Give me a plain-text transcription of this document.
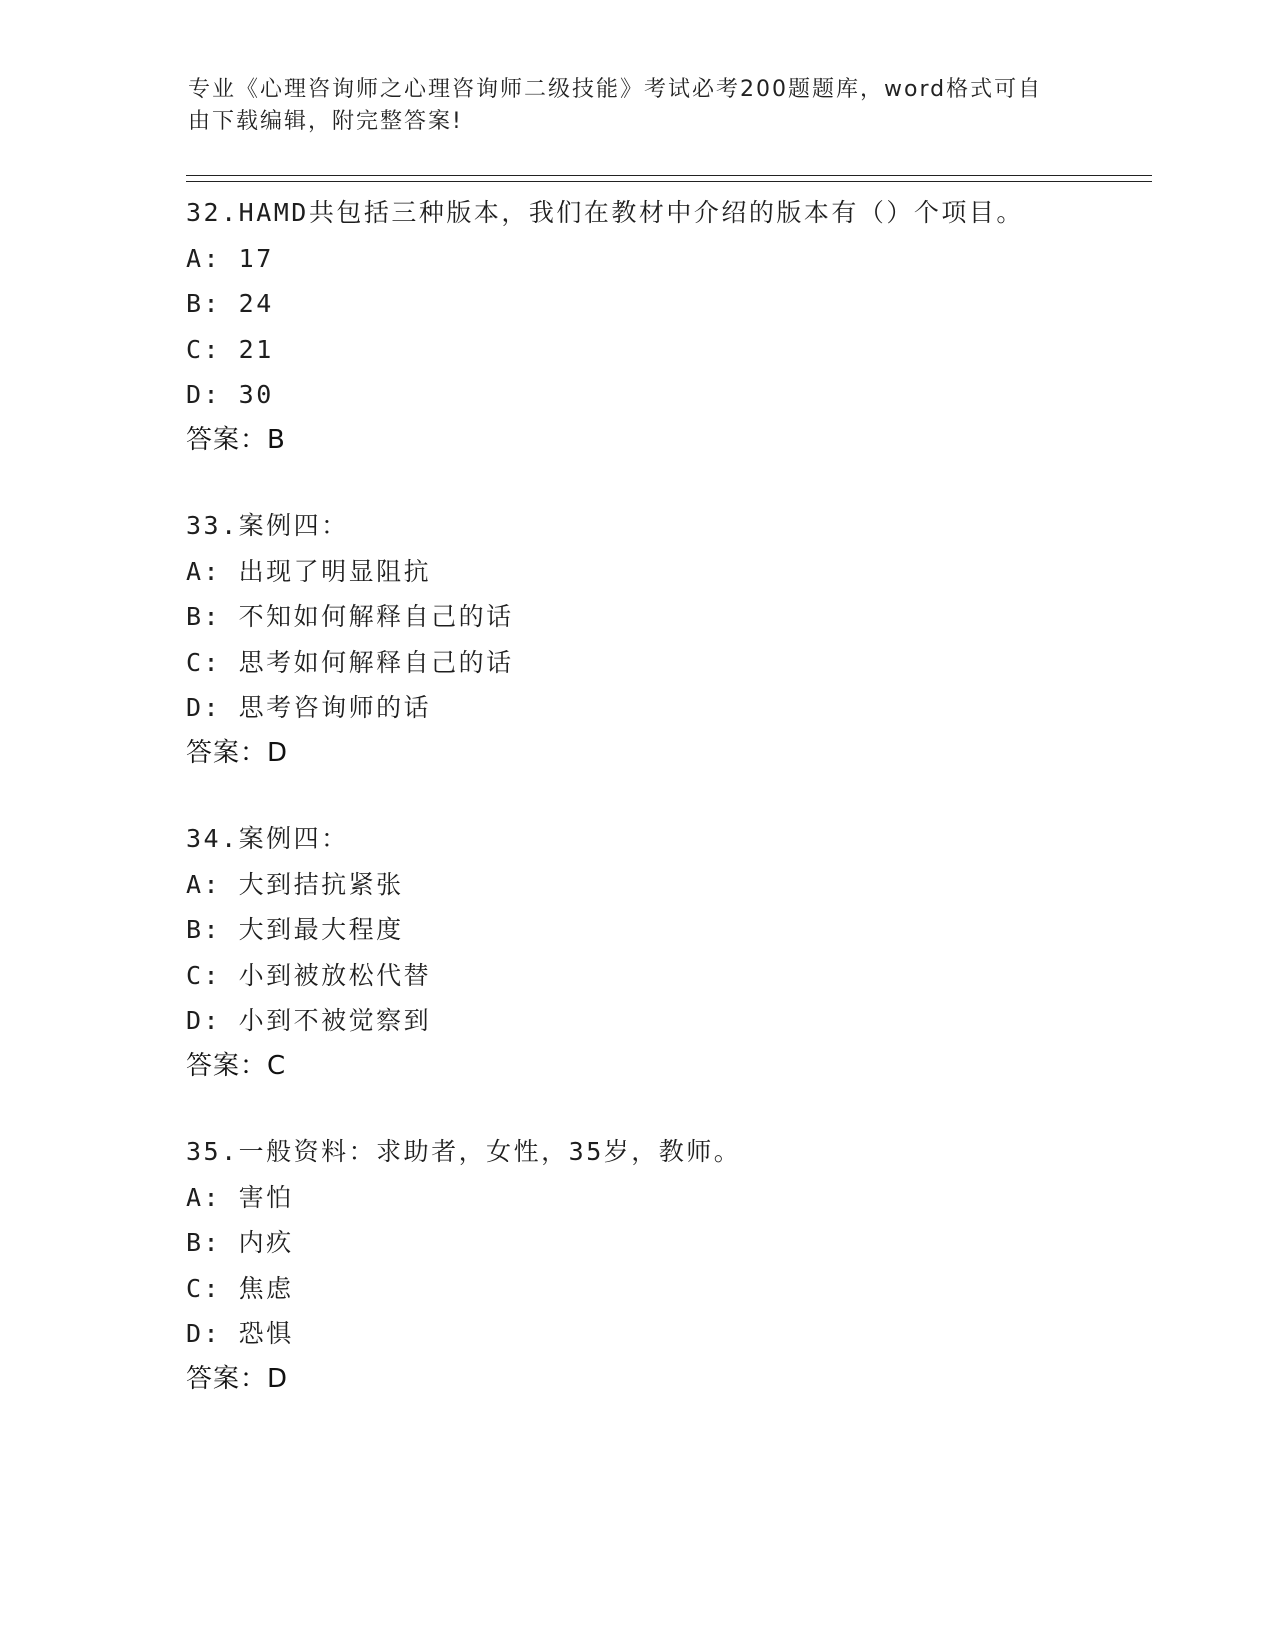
专业《心理咨询师之心理咨询师二级技能》考试必考200题题库，word格式可自
由下载编辑，附完整答案!
32.HAMD共包括三种版本，我们在教材中介绍的版本有（）个项目。
A: 17
B: 24
C: 21
D: 30
答案：B
33.案例四：
A: 出现了明显阻抗
B: 不知如何解释自己的话
C: 思考如何解释自己的话
D: 思考咨询师的话
答案：D
34.案例四：
A: 大到拮抗紧张
B: 大到最大程度
C: 小到被放松代替
D: 小到不被觉察到
答案：C
35.一般资料：求助者，女性，35岁，教师。
A: 害怕
B: 内疚
C: 焦虑
D: 恐惧
答案：D
